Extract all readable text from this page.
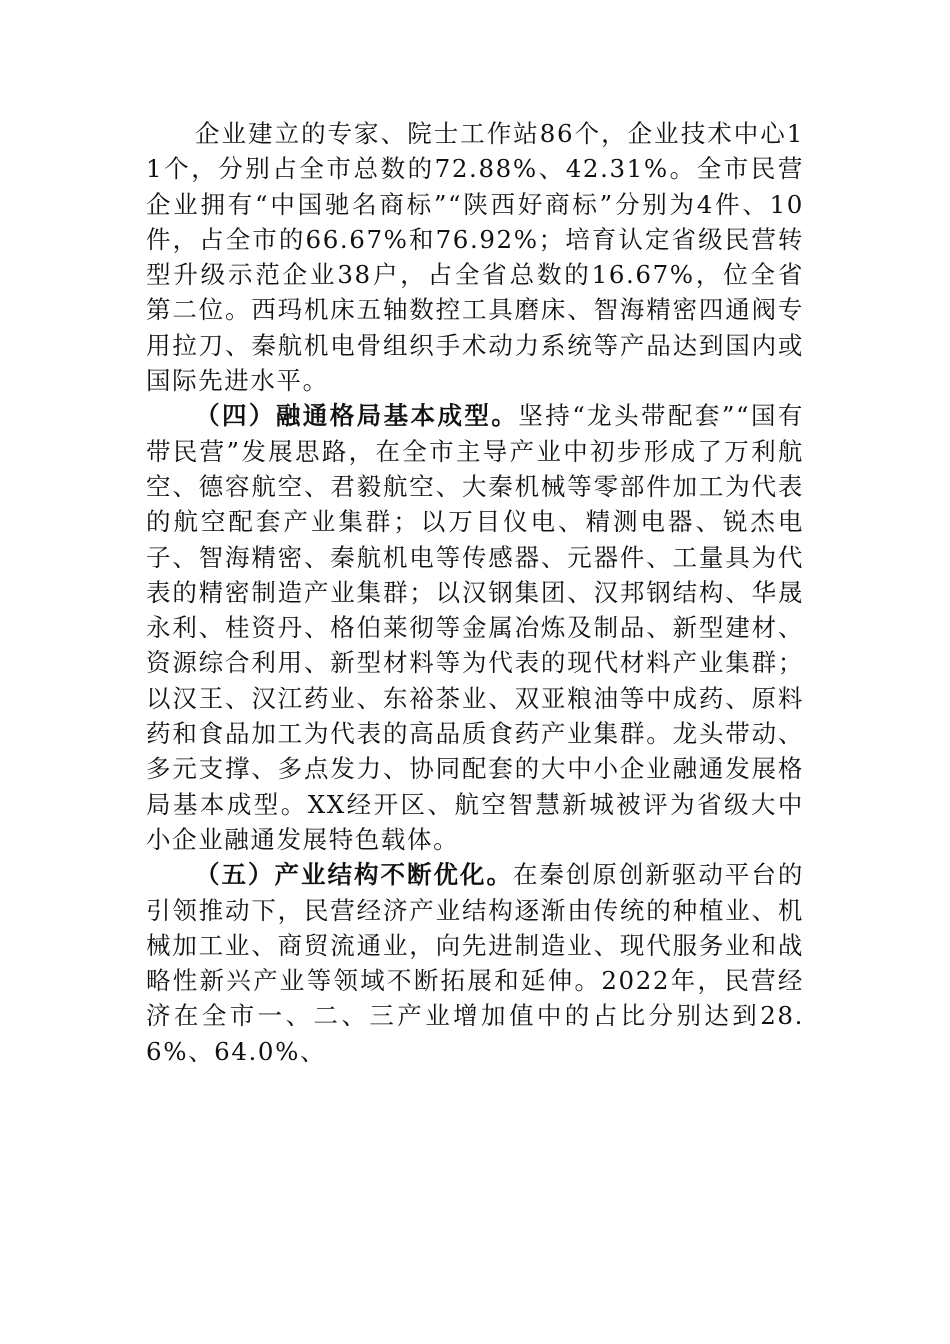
企业建立的专家、院士工作站86个，企业技术中心11个，分别占全市总数的72.88%、42.31%。全市民营企业拥有“中国驰名商标”“陕西好商标”分别为4件、10件，占全市的66.67%和76.92%；培育认定省级民营转型升级示范企业38户，占全省总数的16.67%，位全省第二位。西玛机床五轴数控工具磨床、智海精密四通阀专用拉刀、秦航机电骨组织手术动力系统等产品达到国内或国际先进水平。

（四）融通格局基本成型。坚持“龙头带配套”“国有带民营”发展思路，在全市主导产业中初步形成了万利航空、德容航空、君毅航空、大秦机械等零部件加工为代表的航空配套产业集群；以万目仪电、精测电器、锐杰电子、智海精密、秦航机电等传感器、元器件、工量具为代表的精密制造产业集群；以汉钢集团、汉邦钢结构、华晟永利、桂资丹、格伯莱彻等金属冶炼及制品、新型建材、资源综合利用、新型材料等为代表的现代材料产业集群；以汉王、汉江药业、东裕茶业、双亚粮油等中成药、原料药和食品加工为代表的高品质食药产业集群。龙头带动、多元支撑、多点发力、协同配套的大中小企业融通发展格局基本成型。XX经开区、航空智慧新城被评为省级大中小企业融通发展特色载体。

（五）产业结构不断优化。在秦创原创新驱动平台的引领推动下，民营经济产业结构逐渐由传统的种植业、机械加工业、商贸流通业，向先进制造业、现代服务业和战略性新兴产业等领域不断拓展和延伸。2022年，民营经济在全市一、二、三产业增加值中的占比分别达到28.6%、64.0%、
